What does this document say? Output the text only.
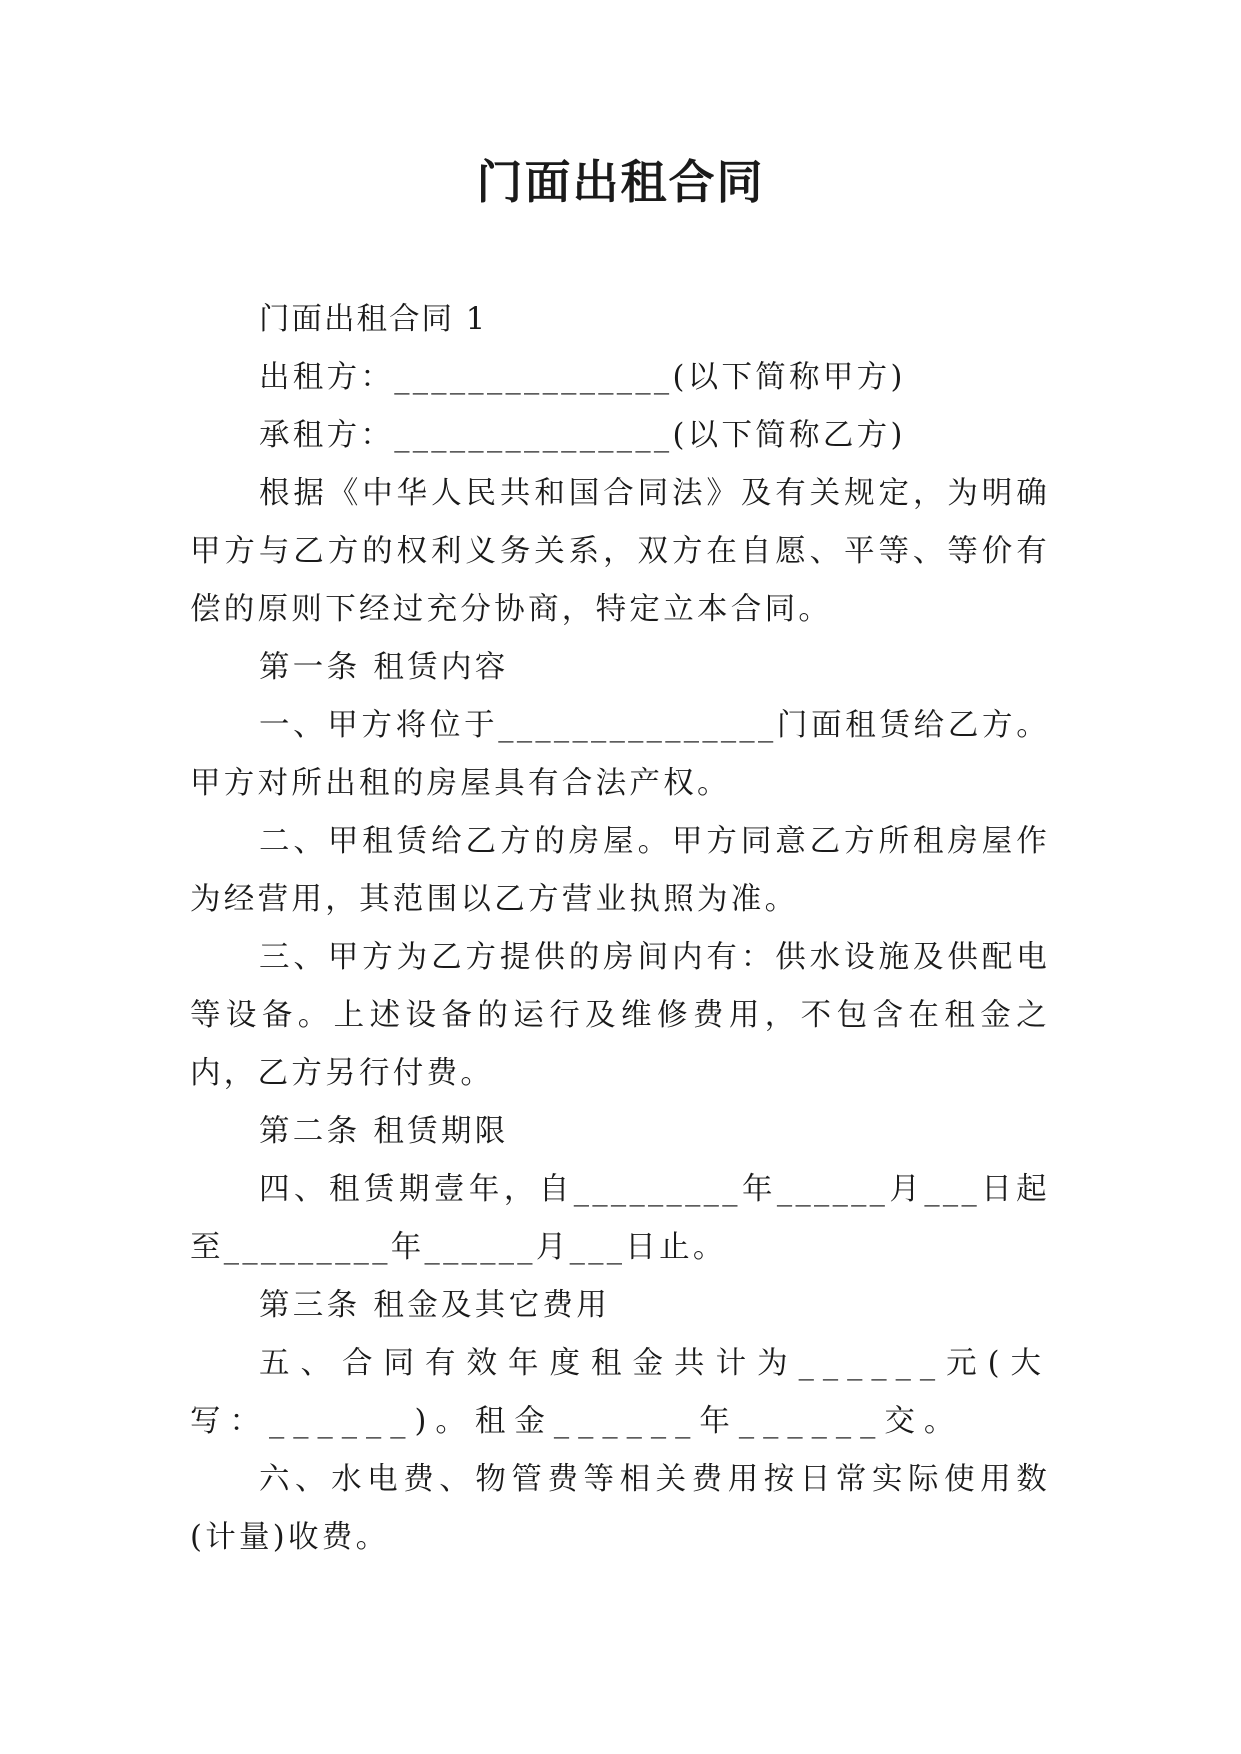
门面出租合同

门面出租合同 1

出租方：_______________(以下简称甲方)

承租方：_______________(以下简称乙方)

根据《中华人民共和国合同法》及有关规定，为明确甲方与乙方的权利义务关系，双方在自愿、平等、等价有偿的原则下经过充分协商，特定立本合同。

第一条 租赁内容

一、甲方将位于_______________门面租赁给乙方。甲方对所出租的房屋具有合法产权。

二、甲租赁给乙方的房屋。甲方同意乙方所租房屋作为经营用，其范围以乙方营业执照为准。

三、甲方为乙方提供的房间内有：供水设施及供配电等设备。上述设备的运行及维修费用，不包含在租金之内，乙方另行付费。

第二条 租赁期限

四、租赁期壹年，自_________年______月___日起至_________年______月___日止。

第三条 租金及其它费用

五、合同有效年度租金共计为______元(大写：______)。租金______年______交。

六、水电费、物管费等相关费用按日常实际使用数(计量)收费。
